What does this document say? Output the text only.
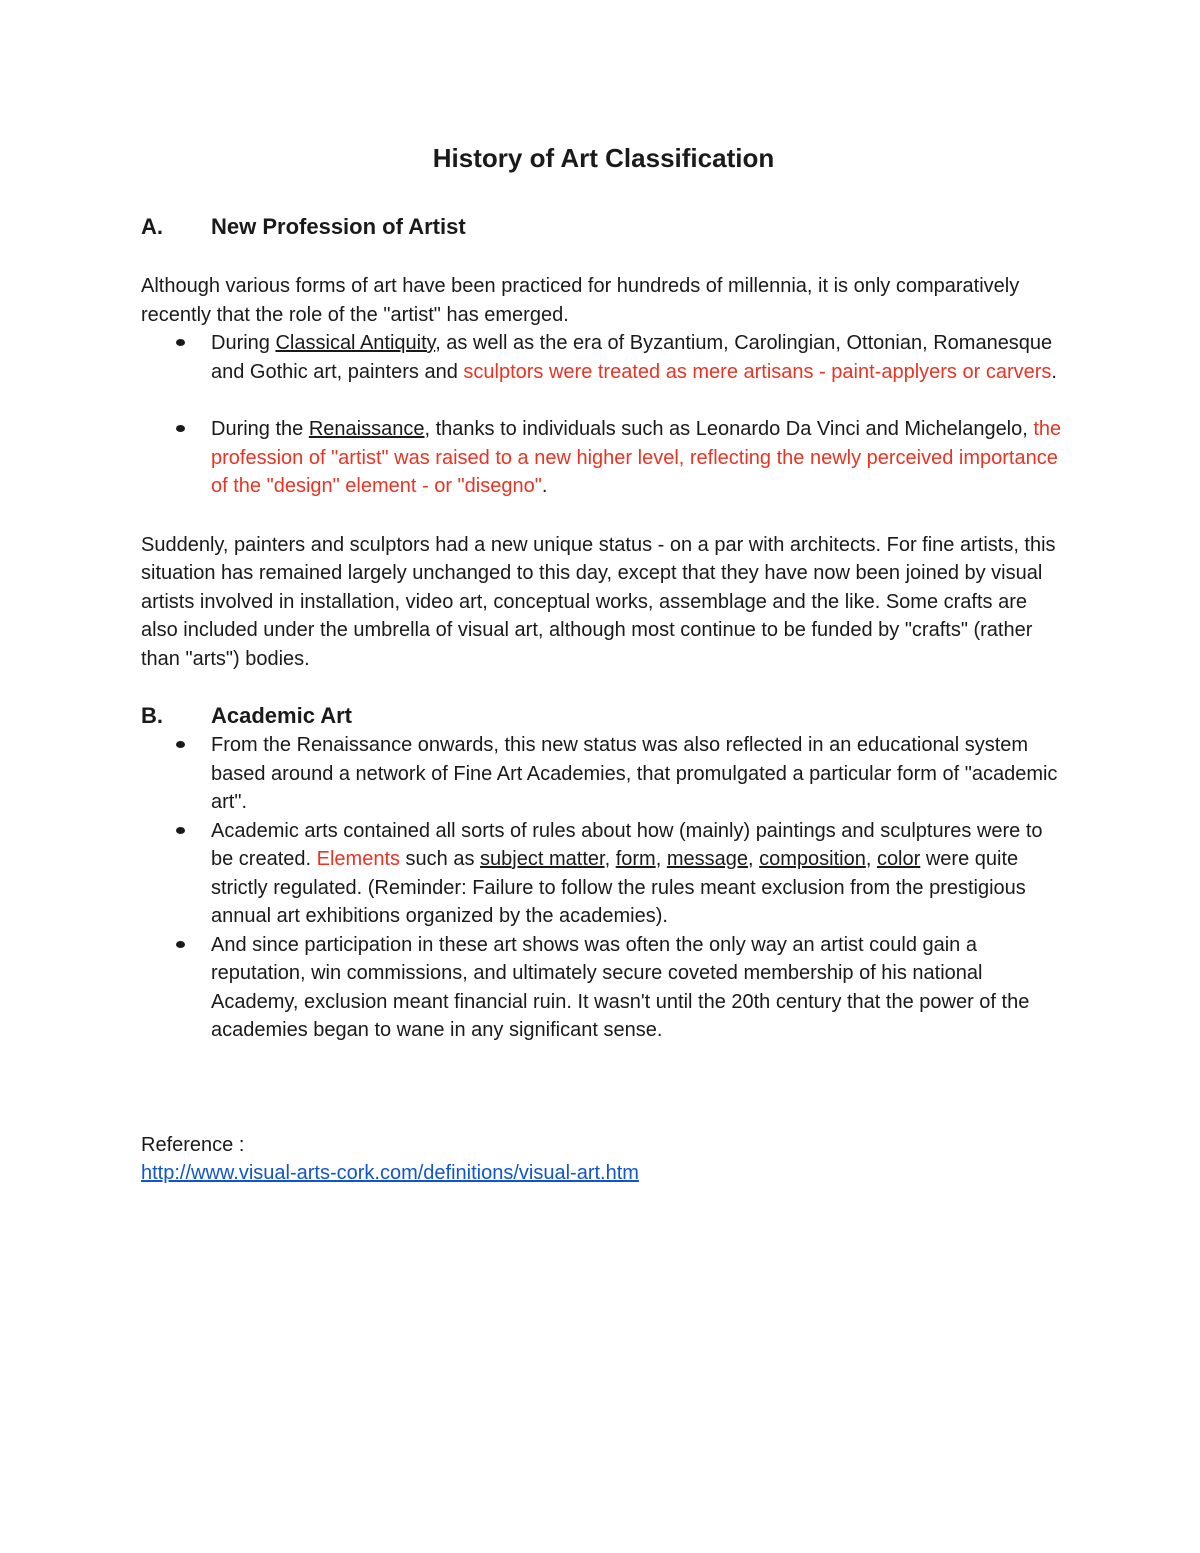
History of Art Classification
A.	New Profession of Artist

Although various forms of art have been practiced for hundreds of millennia, it is only comparatively recently that the role of the "artist" has emerged.

During Classical Antiquity, as well as the era of Byzantium, Carolingian, Ottonian, Romanesque and Gothic art, painters and sculptors were treated as mere artisans - paint-applyers or carvers.
During the Renaissance, thanks to individuals such as Leonardo Da Vinci and Michelangelo, the profession of "artist" was raised to a new higher level, reflecting the newly perceived importance of the "design" element - or "disegno".

Suddenly, painters and sculptors had a new unique status - on a par with architects. For fine artists, this situation has remained largely unchanged to this day, except that they have now been joined by visual artists involved in installation, video art, conceptual works, assemblage and the like. Some crafts are also included under the umbrella of visual art, although most continue to be funded by "crafts" (rather than "arts") bodies.

B.	Academic Art
From the Renaissance onwards, this new status was also reflected in an educational system based around a network of Fine Art Academies, that promulgated a particular form of "academic art".
Academic arts contained all sorts of rules about how (mainly) paintings and sculptures were to be created. Elements such as subject matter, form, message, composition, color were quite strictly regulated. (Reminder: Failure to follow the rules meant exclusion from the prestigious annual art exhibitions organized by the academies).
And since participation in these art shows was often the only way an artist could gain a reputation, win commissions, and ultimately secure coveted membership of his national Academy, exclusion meant financial ruin. It wasn't until the 20th century that the power of the academies began to wane in any significant sense.

Reference :

http://www.visual-arts-cork.com/definitions/visual-art.htm
